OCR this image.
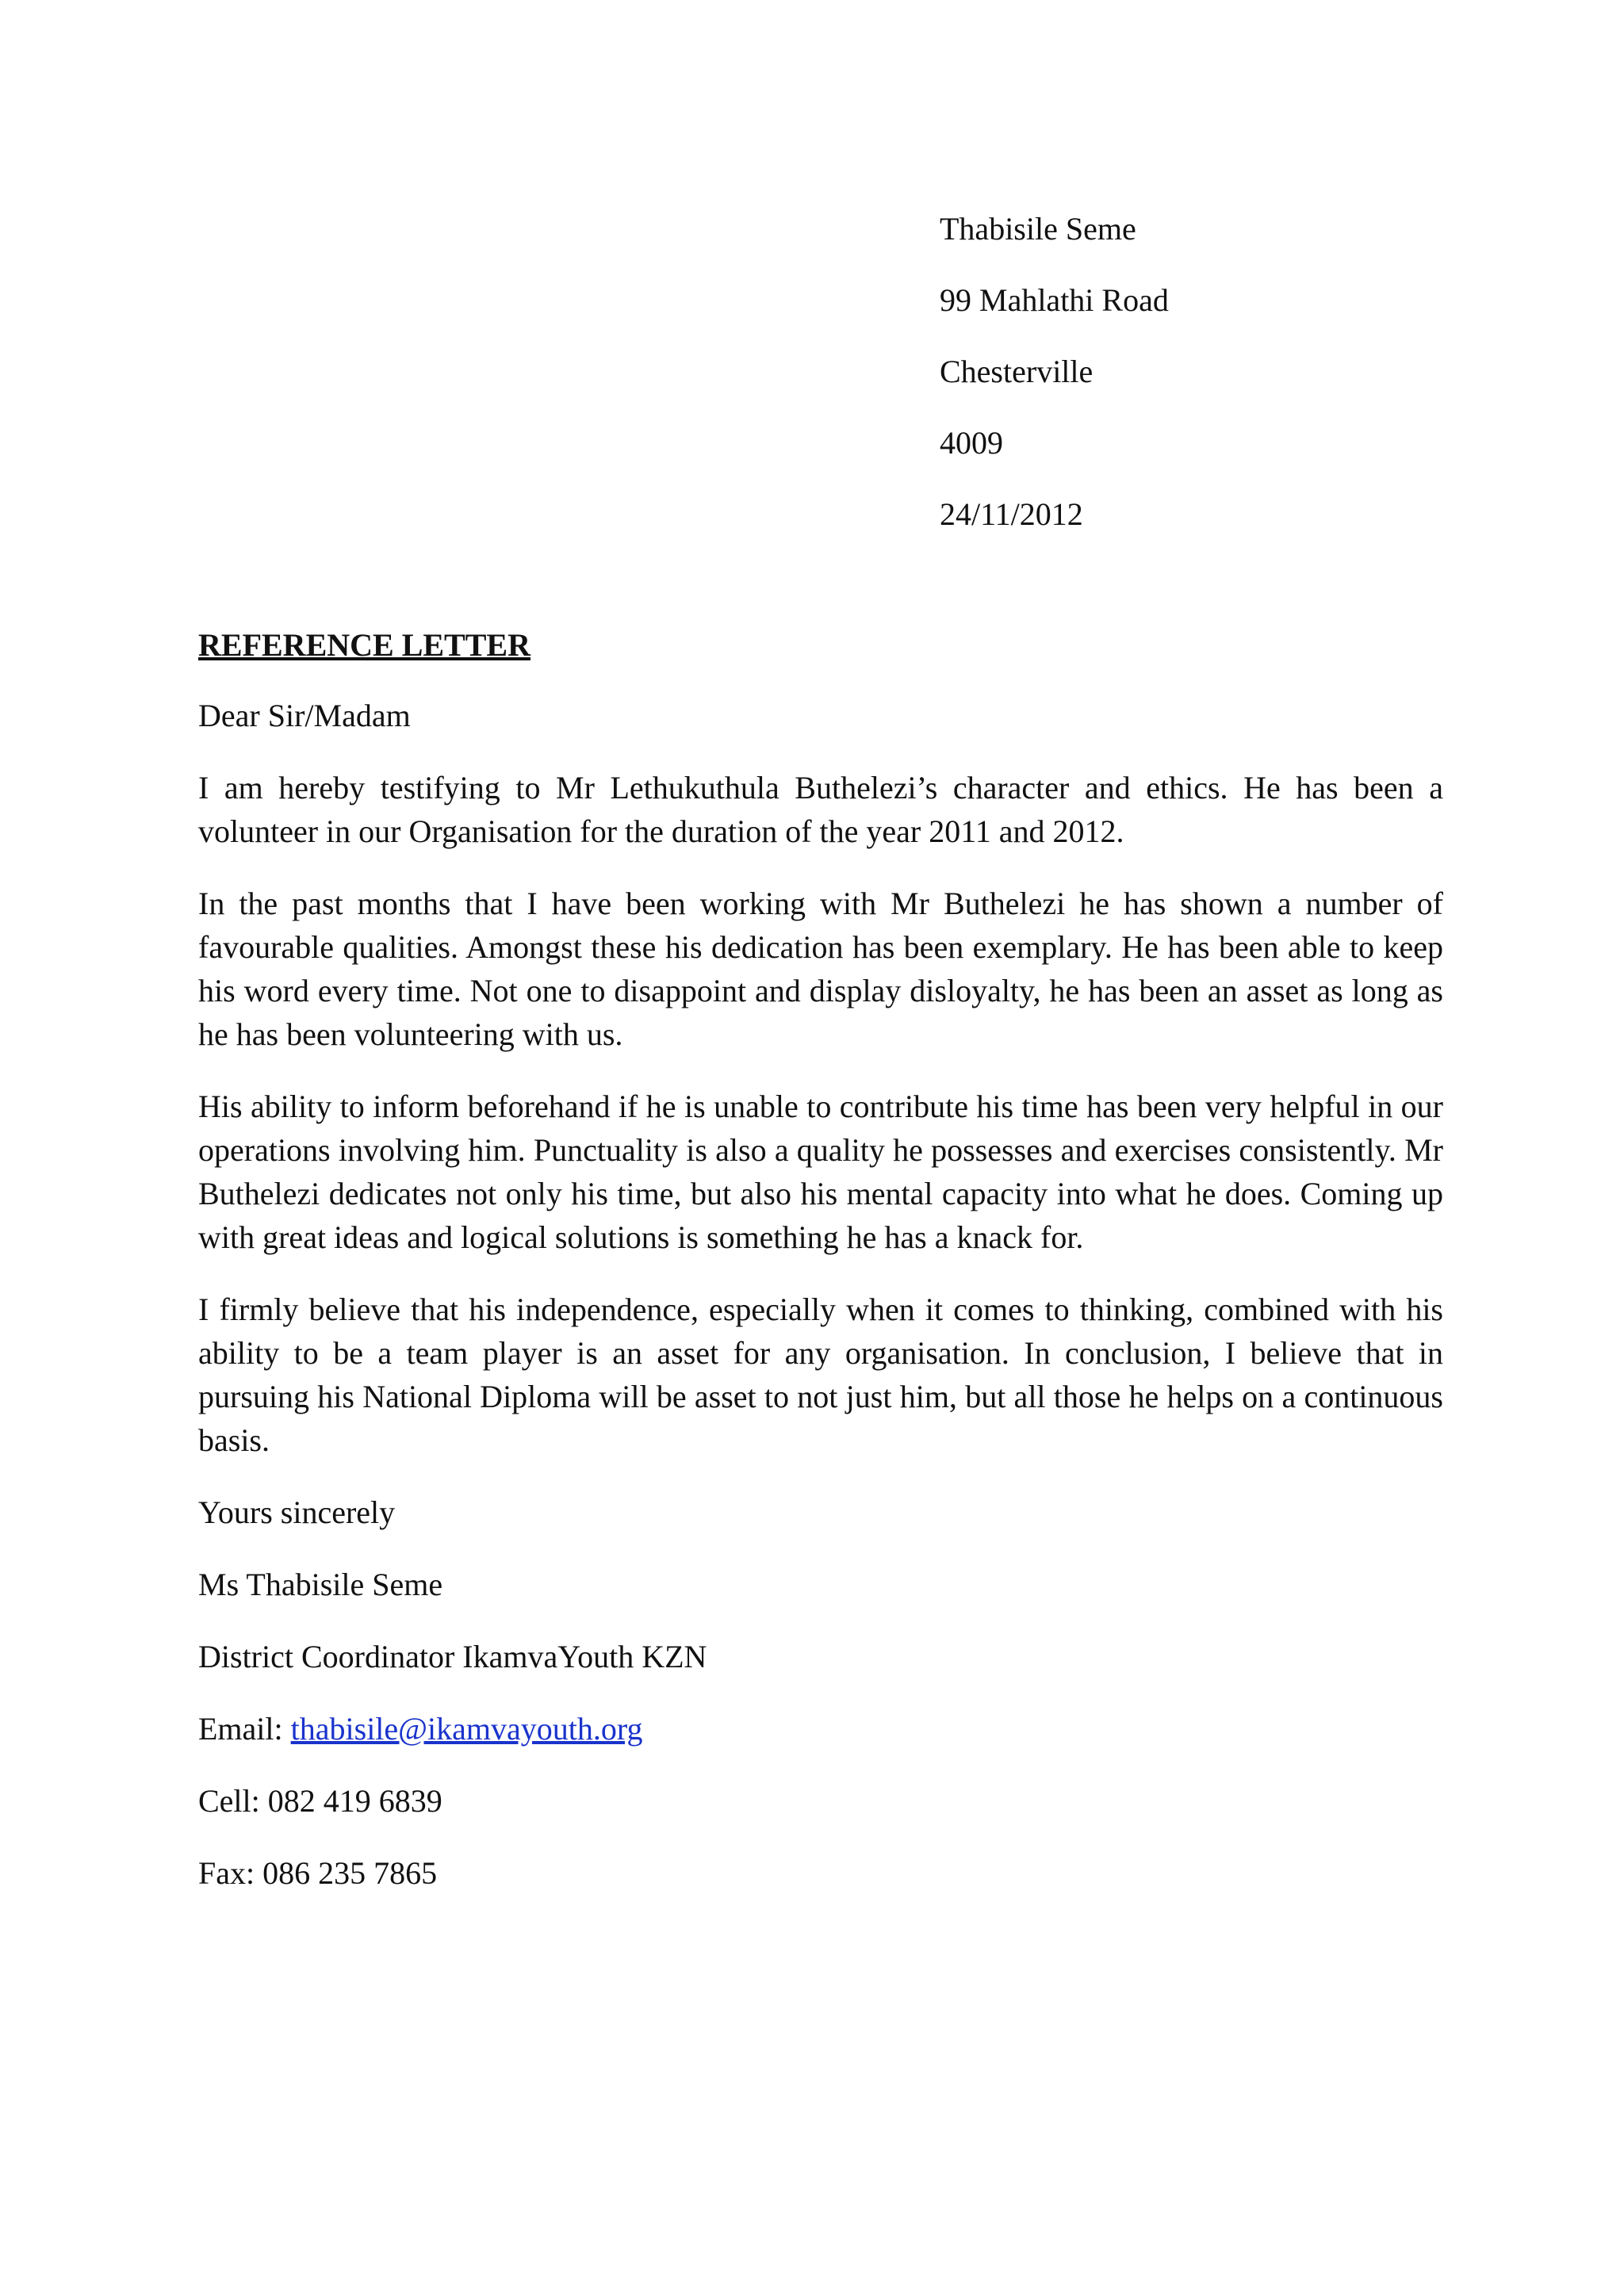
Thabisile Seme
99 Mahlathi Road
Chesterville
4009
24/11/2012
REFERENCE LETTER
Dear Sir/Madam
I am hereby testifying to Mr Lethukuthula Buthelezi’s character and ethics. He has been a volunteer in our Organisation for the duration of the year 2011 and 2012.
In the past months that I have been working with Mr Buthelezi he has shown a number of favourable qualities. Amongst these his dedication has been exemplary. He has been able to keep his word every time. Not one to disappoint and display disloyalty, he has been an asset as long as he has been volunteering with us.
His ability to inform beforehand if he is unable to contribute his time has been very helpful in our operations involving him. Punctuality is also a quality he possesses and exercises consistently. Mr Buthelezi dedicates not only his time, but also his mental capacity into what he does. Coming up with great ideas and logical solutions is something he has a knack for.
I firmly believe that his independence, especially when it comes to thinking, combined with his ability to be a team player is an asset for any organisation. In conclusion, I believe that in pursuing his National Diploma will be asset to not just him, but all those he helps on a continuous basis.
Yours sincerely
Ms Thabisile Seme
District Coordinator IkamvaYouth KZN
Email: thabisile@ikamvayouth.org
Cell: 082 419 6839
Fax: 086 235 7865
